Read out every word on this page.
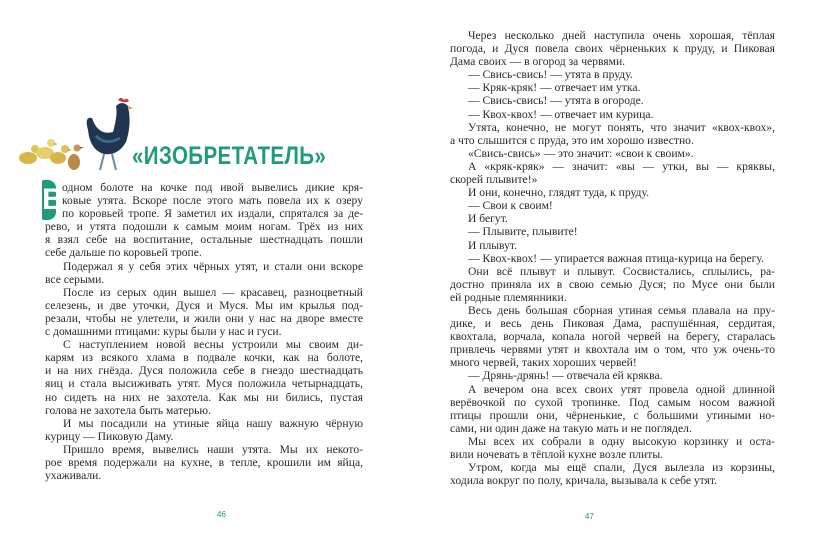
«ИЗОБРЕТАТЕЛЬ»
В
одном болоте на кочке под ивой вывелись дикие кря-
ковые утята. Вскоре после этого мать повела их к озеру
по коровьей тропе. Я заметил их издали, спрятался за де-
рево, и утята подошли к самым моим ногам. Трёх из них
я взял себе на воспитание, остальные шестнадцать пошли
себе дальше по коровьей тропе.
Подержал я у себя этих чёрных утят, и стали они вскоре
все серыми.
После из серых один вышел — красавец, разноцветный
селезень, и две уточки, Дуся и Муся. Мы им крылья под-
резали, чтобы не улетели, и жили они у нас на дворе вместе
с домашними птицами: куры были у нас и гуси.
С наступлением новой весны устроили мы своим ди-
карям из всякого хлама в подвале кочки, как на болоте,
и на них гнёзда. Дуся положила себе в гнездо шестнадцать
яиц и стала высиживать утят. Муся положила четырнадцать,
но сидеть на них не захотела. Как мы ни бились, пустая
голова не захотела быть матерью.
И мы посадили на утиные яйца нашу важную чёрную
курицу — Пиковую Даму.
Пришло время, вывелись наши утята. Мы их некото-
рое время подержали на кухне, в тепле, крошили им яйца,
ухаживали.
46
Через несколько дней наступила очень хорошая, тёплая
погода, и Дуся повела своих чёрненьких к пруду, и Пиковая
Дама своих — в огород за червями.
— Свись-свись! — утята в пруду.
— Кряк-кряк! — отвечает им утка.
— Свись-свись! — утята в огороде.
— Квох-квох! — отвечает им курица.
Утята, конечно, не могут понять, что значит «квох-квох»,
а что слышится с пруда, это им хорошо известно.
«Свись-свись» — это значит: «свои к своим».
А «кряк-кряк» — значит: «вы — утки, вы — кряквы,
скорей плывите!»
И они, конечно, глядят туда, к пруду.
— Свои к своим!
И бегут.
— Плывите, плывите!
И плывут.
— Квох-квох! — упирается важная птица-курица на берегу.
Они всё плывут и плывут. Сосвистались, сплылись, ра-
достно приняла их в свою семью Дуся; по Мусе они были
ей родные племянники.
Весь день большая сборная утиная семья плавала на пру-
дике, и весь день Пиковая Дама, распушённая, сердитая,
квохтала, ворчала, копала ногой червей на берегу, старалась
привлечь червями утят и квохтала им о том, что уж очень-то
много червей, таких хороших червей!
— Дрянь-дрянь! — отвечала ей кряква.
А вечером она всех своих утят провела одной длинной
верёвочкой по сухой тропинке. Под самым носом важной
птицы прошли они, чёрненькие, с большими утиными но-
сами, ни один даже на такую мать и не поглядел.
Мы всех их собрали в одну высокую корзинку и оста-
вили ночевать в тёплой кухне возле плиты.
Утром, когда мы ещё спали, Дуся вылезла из корзины,
ходила вокруг по полу, кричала, вызывала к себе утят.
47
